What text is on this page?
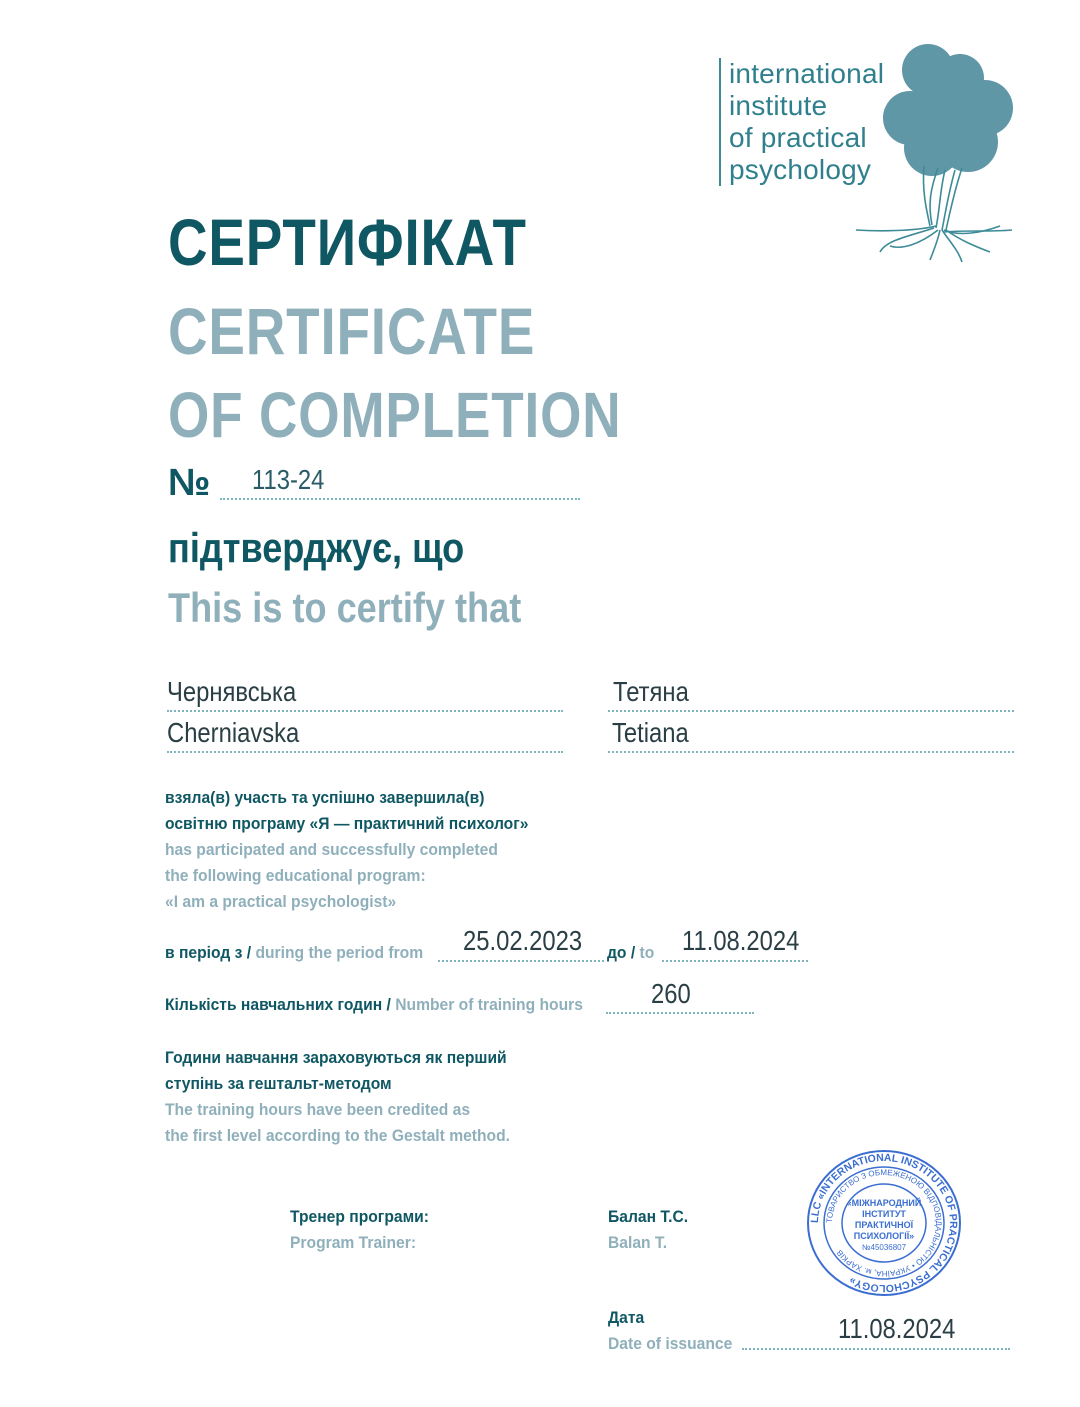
international
institute
of practical
psychology
СЕРТИФІКАТ
CERTIFICATE
OF COMPLETION
№ 113-24
підтверджує, що
This is to certify that
Чернявська	Тетяна
Cherniavska	Tetiana
взяла(в) участь та успішно завершила(в)
освітню програму «Я — практичний психолог»
has participated and successfully completed
the following educational program:
«I am a practical psychologist»
в період з / during the period from 25.02.2023 до / to 11.08.2024
Кількість навчальних годин / Number of training hours 260
Години навчання зараховуються як перший
ступінь за гештальт-методом
The training hours have been credited as
the first level according to the Gestalt method.
Тренер програми:
Program Trainer:
Балан Т.С.
Balan T.
LLC «INTERNATIONAL INSTITUTE OF PRACTICAL PSYCHOLOGY»
ТОВАРИСТВО З ОБМЕЖЕНОЮ ВІДПОВІДАЛЬНІСТЮ • УКРАЇНА, м. ХАРКІВ
«МІЖНАРОДНИЙ
ІНСТИТУТ
ПРАКТИЧНОЇ
ПСИХОЛОГІЇ»
№45036807
Дата
Date of issuance	11.08.2024
